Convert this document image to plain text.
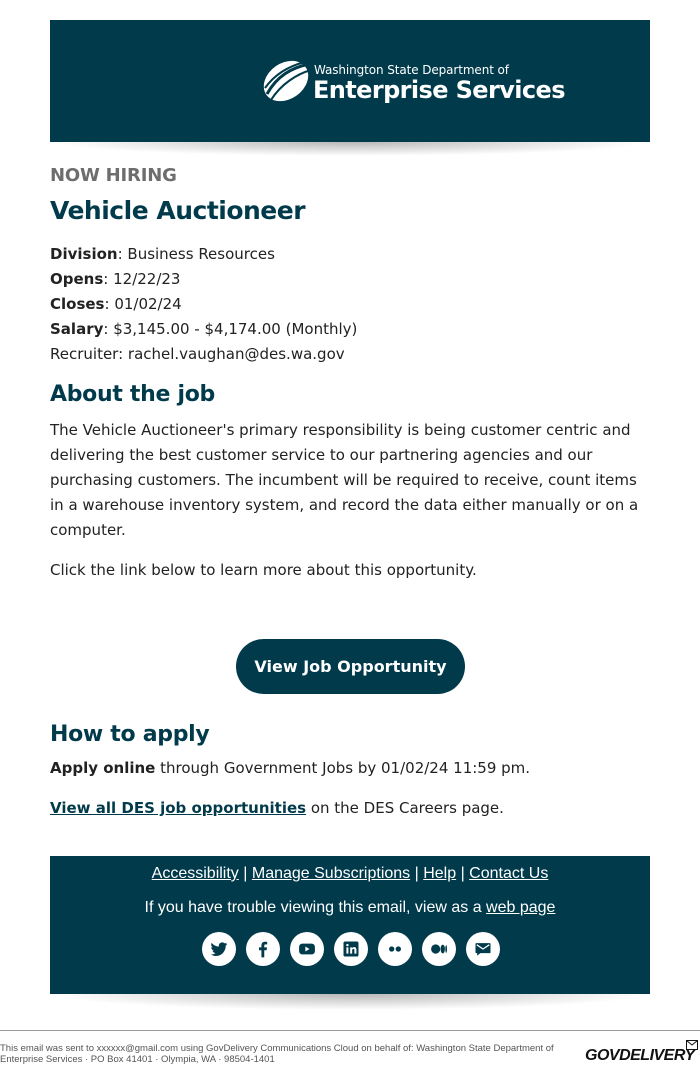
Washington State Department of
Enterprise Services
NOW HIRING
Vehicle Auctioneer
Division: Business Resources
Opens: 12/22/23
Closes: 01/02/24
Salary: $3,145.00 - $4,174.00 (Monthly)
Recruiter: rachel.vaughan@des.wa.gov
About the job
The Vehicle Auctioneer's primary responsibility is being customer centric and delivering the best customer service to our partnering agencies and our purchasing customers. The incumbent will be required to receive, count items in a warehouse inventory system, and record the data either manually or on a computer.
Click the link below to learn more about this opportunity.
View Job Opportunity
How to apply
Apply online through Government Jobs by 01/02/24 11:59 pm.
View all DES job opportunities on the DES Careers page.
Accessibility | Manage Subscriptions | Help | Contact Us
If you have trouble viewing this email, view as a web page
This email was sent to xxxxxx@gmail.com using GovDelivery Communications Cloud on behalf of: Washington State Department of Enterprise Services · PO Box 41401 · Olympia, WA · 98504-1401	GOVDELIVERY
